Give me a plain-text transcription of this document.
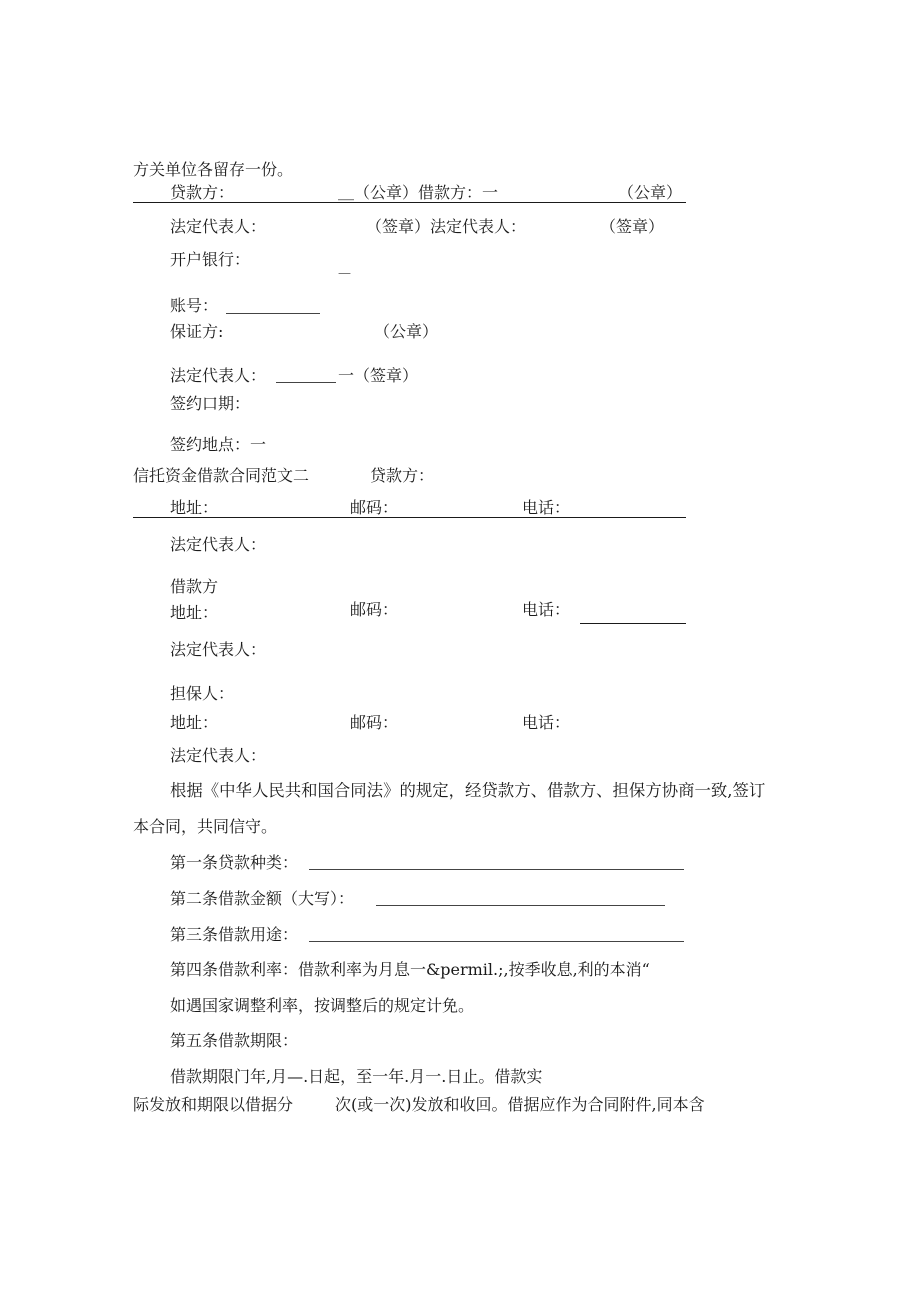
方关单位各留存一份。
贷款方：	＿（公章）借款方：一	（公章）
法定代表人：	（签章）法定代表人：	（签章）
开户银行：
—
账号：
保证方:	（公章）
法定代表人：	一（签章）
签约口期：
签约地点：一
信托资金借款合同范文二	贷款方：
地址：	邮码：	电话：
法定代表人：
借款方
地址：	邮码：	电话：
法定代表人：
担保人：
地址：	邮码：	电话：
法定代表人：
根据《中华人民共和国合同法》的规定，经贷款方、借款方、担保方协商一致,签订
本合同，共同信守。
第一条贷款种类：
第二条借款金额（大写）：
第三条借款用途：
第四条借款利率：借款利率为月息一&permil.;,按季收息,利的本消“
如遇国家调整利率，按调整后的规定计免。
第五条借款期限：
借款期限门年,月—.日起，至一年.月一.日止。借款实
际发放和期限以借据分	次(或一次)发放和收回。借据应作为合同附件,同本含
